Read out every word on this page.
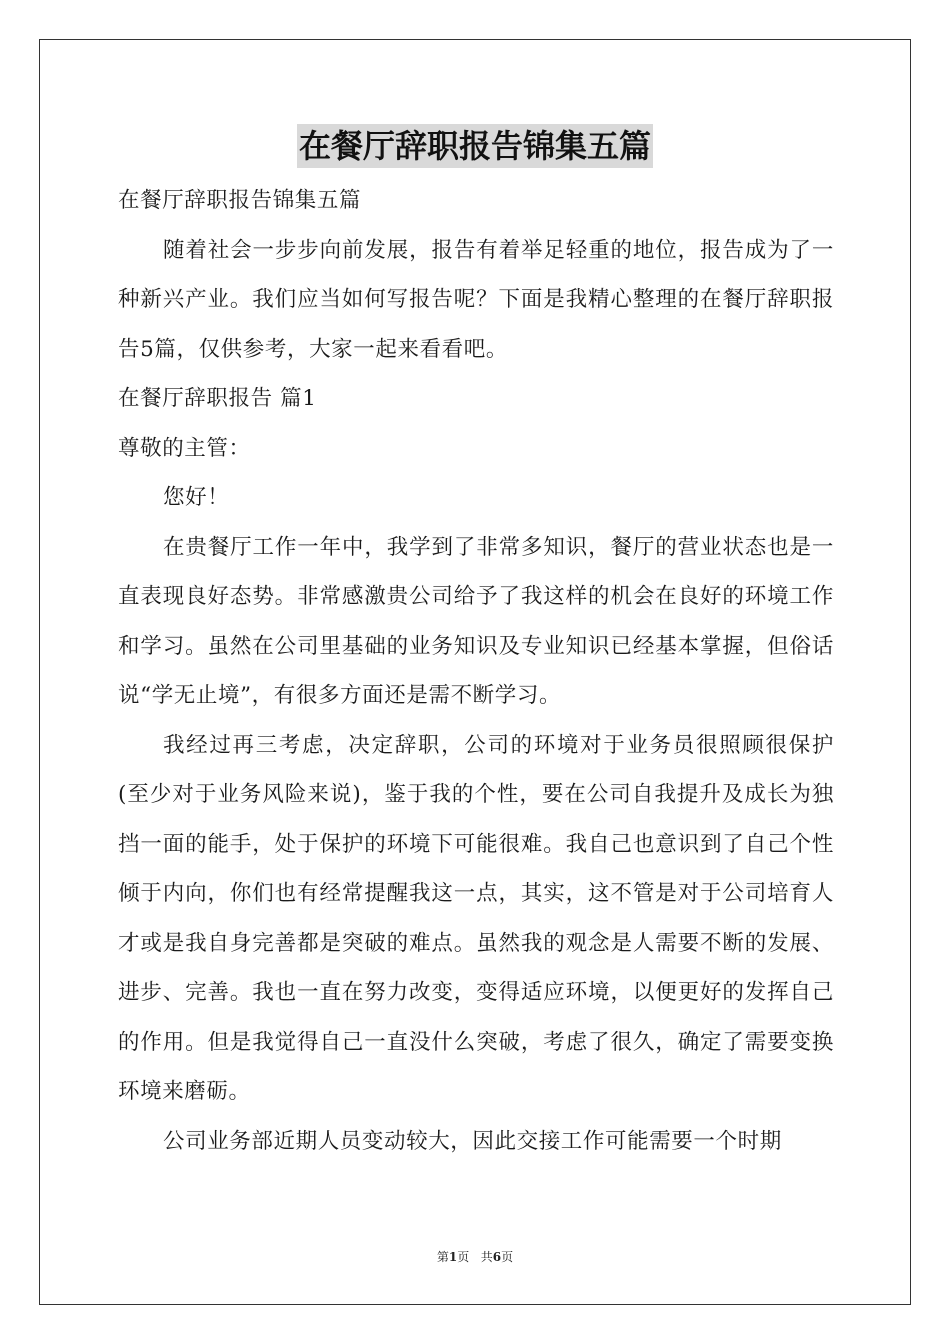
在餐厅辞职报告锦集五篇

在餐厅辞职报告锦集五篇

随着社会一步步向前发展，报告有着举足轻重的地位，报告成为了一种新兴产业。我们应当如何写报告呢？下面是我精心整理的在餐厅辞职报告5篇，仅供参考，大家一起来看看吧。

在餐厅辞职报告 篇1

尊敬的主管：

您好！

在贵餐厅工作一年中，我学到了非常多知识，餐厅的营业状态也是一直表现良好态势。非常感激贵公司给予了我这样的机会在良好的环境工作和学习。虽然在公司里基础的业务知识及专业知识已经基本掌握，但俗话说“学无止境”，有很多方面还是需不断学习。

我经过再三考虑，决定辞职，公司的环境对于业务员很照顾很保护(至少对于业务风险来说)，鉴于我的个性，要在公司自我提升及成长为独挡一面的能手，处于保护的环境下可能很难。我自己也意识到了自己个性倾于内向，你们也有经常提醒我这一点，其实，这不管是对于公司培育人才或是我自身完善都是突破的难点。虽然我的观念是人需要不断的发展、进步、完善。我也一直在努力改变，变得适应环境，以便更好的发挥自己的作用。但是我觉得自己一直没什么突破，考虑了很久，确定了需要变换环境来磨砺。

公司业务部近期人员变动较大，因此交接工作可能需要一个时期

第1页 共6页
